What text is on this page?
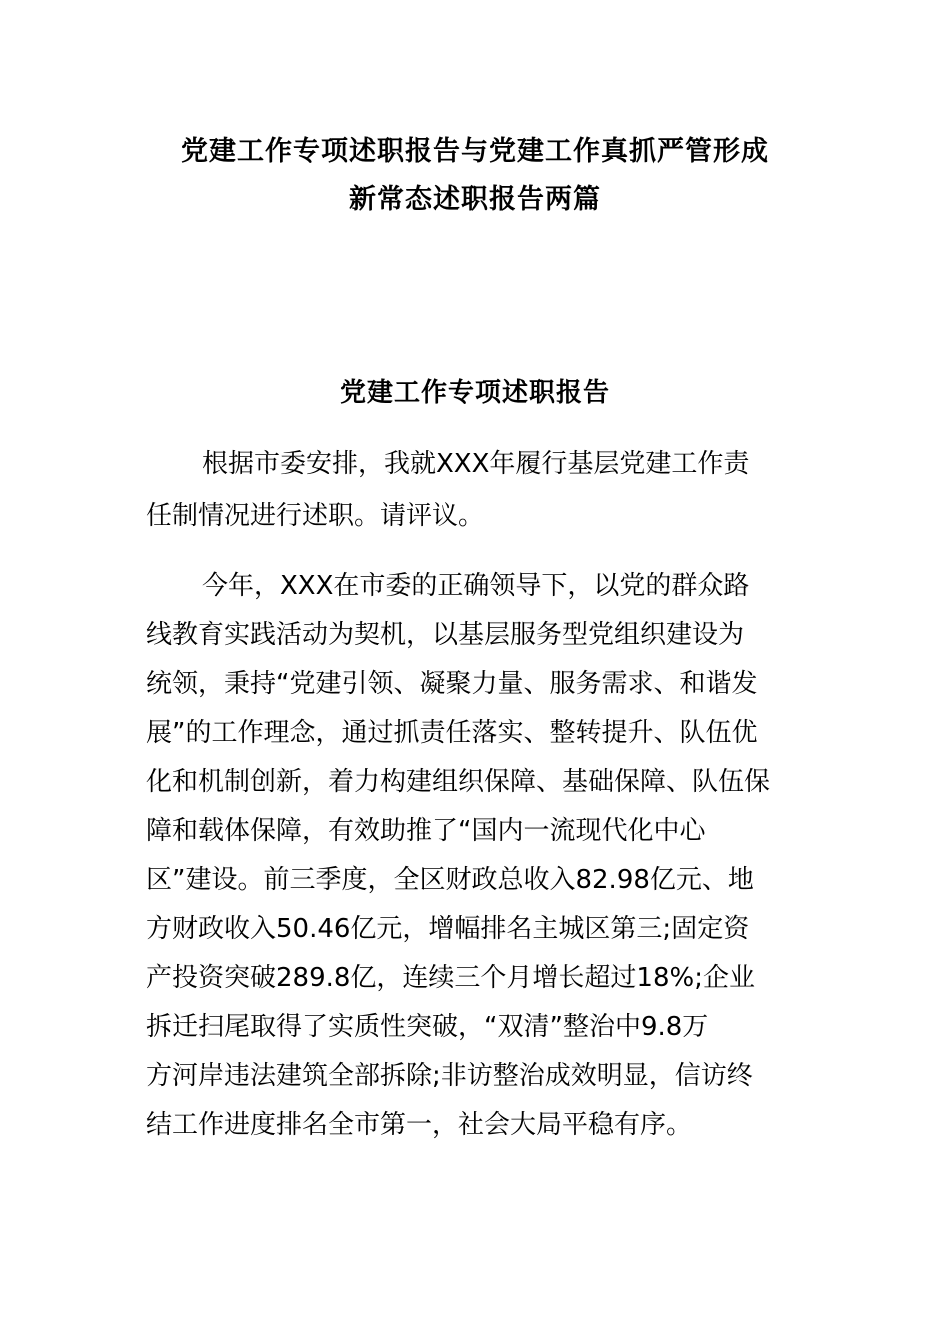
党建工作专项述职报告与党建工作真抓严管形成
新常态述职报告两篇
党建工作专项述职报告
根据市委安排，我就XXX年履行基层党建工作责
任制情况进行述职。请评议。
今年，XXX在市委的正确领导下，以党的群众路
线教育实践活动为契机，以基层服务型党组织建设为
统领，秉持“党建引领、凝聚力量、服务需求、和谐发
展”的工作理念，通过抓责任落实、整转提升、队伍优
化和机制创新，着力构建组织保障、基础保障、队伍保
障和载体保障，有效助推了“国内一流现代化中心
区”建设。前三季度，全区财政总收入82.98亿元、地
方财政收入50.46亿元，增幅排名主城区第三;固定资
产投资突破289.8亿，连续三个月增长超过18%;企业
拆迁扫尾取得了实质性突破，“双清”整治中9.8万
方河岸违法建筑全部拆除;非访整治成效明显，信访终
结工作进度排名全市第一，社会大局平稳有序。
